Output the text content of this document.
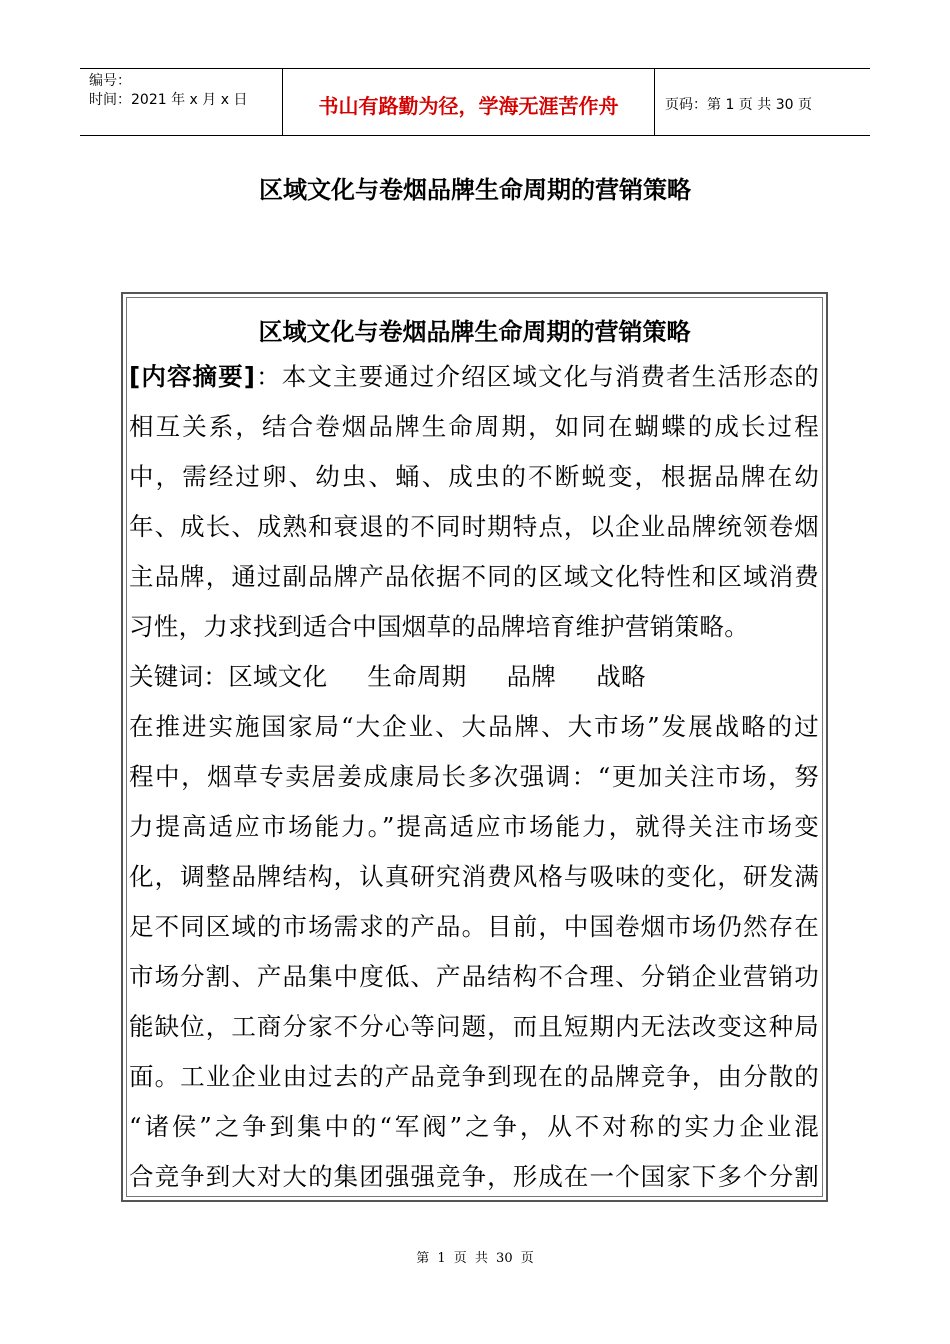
编号：
时间：2021 年 x 月 x 日	书山有路勤为径，学海无涯苦作舟	页码：第 1 页 共 30 页
区域文化与卷烟品牌生命周期的营销策略
区域文化与卷烟品牌生命周期的营销策略
[内容摘要]：本文主要通过介绍区域文化与消费者生活形态的
相互关系，结合卷烟品牌生命周期，如同在蝴蝶的成长过程
中，需经过卵、幼虫、蛹、成虫的不断蜕变，根据品牌在幼
年、成长、成熟和衰退的不同时期特点，以企业品牌统领卷烟
主品牌，通过副品牌产品依据不同的区域文化特性和区域消费
习性，力求找到适合中国烟草的品牌培育维护营销策略。
关键词：区域文化 生命周期 品牌 战略
在推进实施国家局“大企业、大品牌、大市场”发展战略的过
程中，烟草专卖居姜成康局长多次强调：“更加关注市场，努
力提高适应市场能力。”提高适应市场能力，就得关注市场变
化，调整品牌结构，认真研究消费风格与吸味的变化，研发满
足不同区域的市场需求的产品。目前，中国卷烟市场仍然存在
市场分割、产品集中度低、产品结构不合理、分销企业营销功
能缺位，工商分家不分心等问题，而且短期内无法改变这种局
面。工业企业由过去的产品竞争到现在的品牌竞争，由分散的
“诸侯”之争到集中的“军阀”之争，从不对称的实力企业混
合竞争到大对大的集团强强竞争，形成在一个国家下多个分割
第 1 页 共 30 页
